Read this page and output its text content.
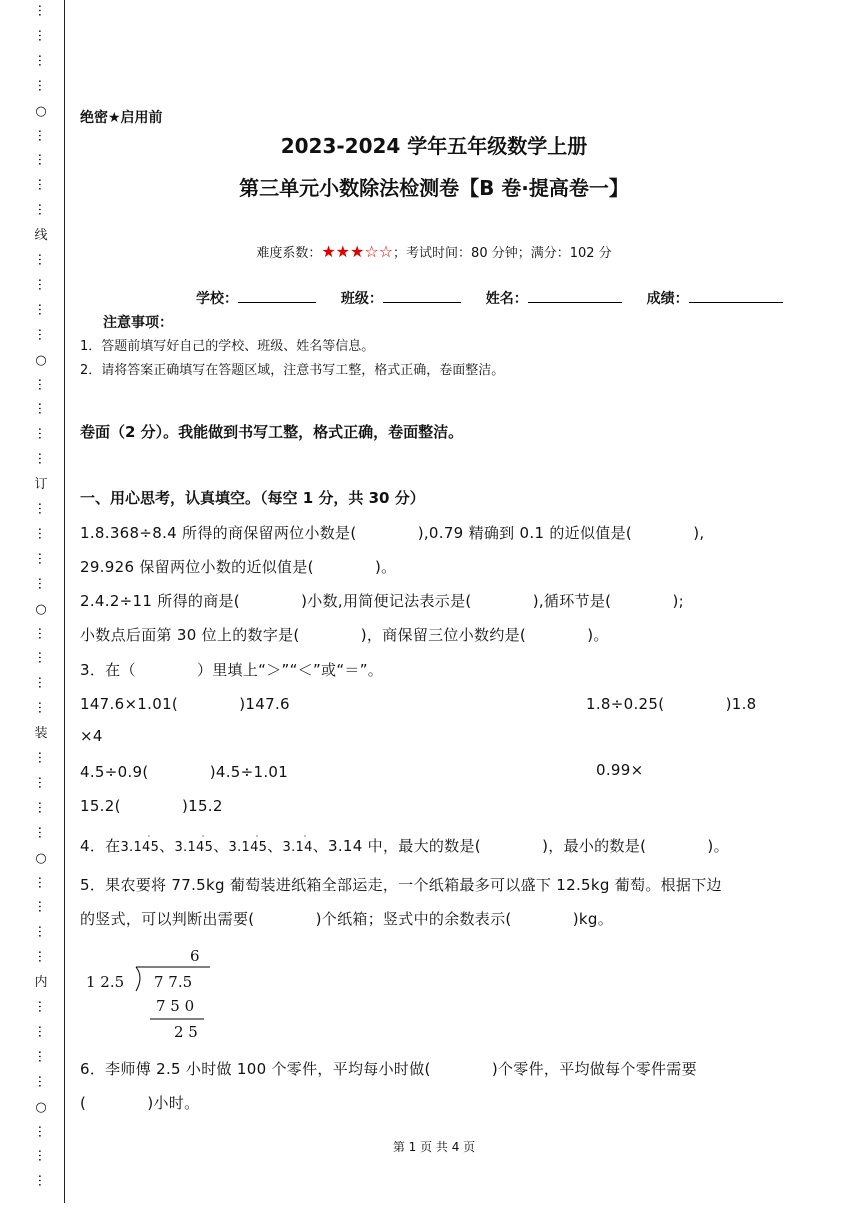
…
…
…
…
○
…
…
…
…
线
…
…
…
…
○
…
…
…
…
订
…
…
…
…
○
…
…
…
…
装
…
…
…
…
○
…
…
…
…
内
…
…
…
…
○
…
…
…
绝密★启用前
2023-2024 学年五年级数学上册
第三单元小数除法检测卷【B 卷·提高卷一】
难度系数：★★★☆☆；考试时间：80 分钟；满分：102 分
学校：	班级：	姓名：	成绩：
注意事项：
1．答题前填写好自己的学校、班级、姓名等信息。
2．请将答案正确填写在答题区域，注意书写工整，格式正确，卷面整洁。
卷面（2 分）。我能做到书写工整，格式正确，卷面整洁。
一、用心思考，认真填空。（每空 1 分，共 30 分）
1.8.368÷8.4 所得的商保留两位小数是(　　　　),0.79 精确到 0.1 的近似值是(　　　　),
29.926 保留两位小数的近似值是(　　　　)。
2.4.2÷11 所得的商是(　　　　)小数,用简便记法表示是(　　　　),循环节是(　　　　);
小数点后面第 30 位上的数字是(　　　　)，商保留三位小数约是(　　　　)。
3．在（　　　　）里填上“＞”“＜”或“＝”。
147.6×1.01(　　　　)147.6	1.8÷0.25(　　　　)1.8
×4
4.5÷0.9(　　　　)4.5÷1.01	0.99×
15.2(　　　　)15.2
4．在3.145
· 、3.145
· 、3.145
· 、3.14
· 、3.14 中，最大的数是(　　　　)，最小的数是(　　　　)。
5．果农要将 77.5kg 葡萄装进纸箱全部运走，一个纸箱最多可以盛下 12.5kg 葡萄。根据下边
的竖式，可以判断出需要(　　　　)个纸箱；竖式中的余数表示(　　　　)kg。
6
1 2.5 7 7.5
7 5 0
2 5
6．李师傅 2.5 小时做 100 个零件，平均每小时做(　　　　)个零件，平均做每个零件需要
(　　　　)小时。
第 1 页 共 4 页
